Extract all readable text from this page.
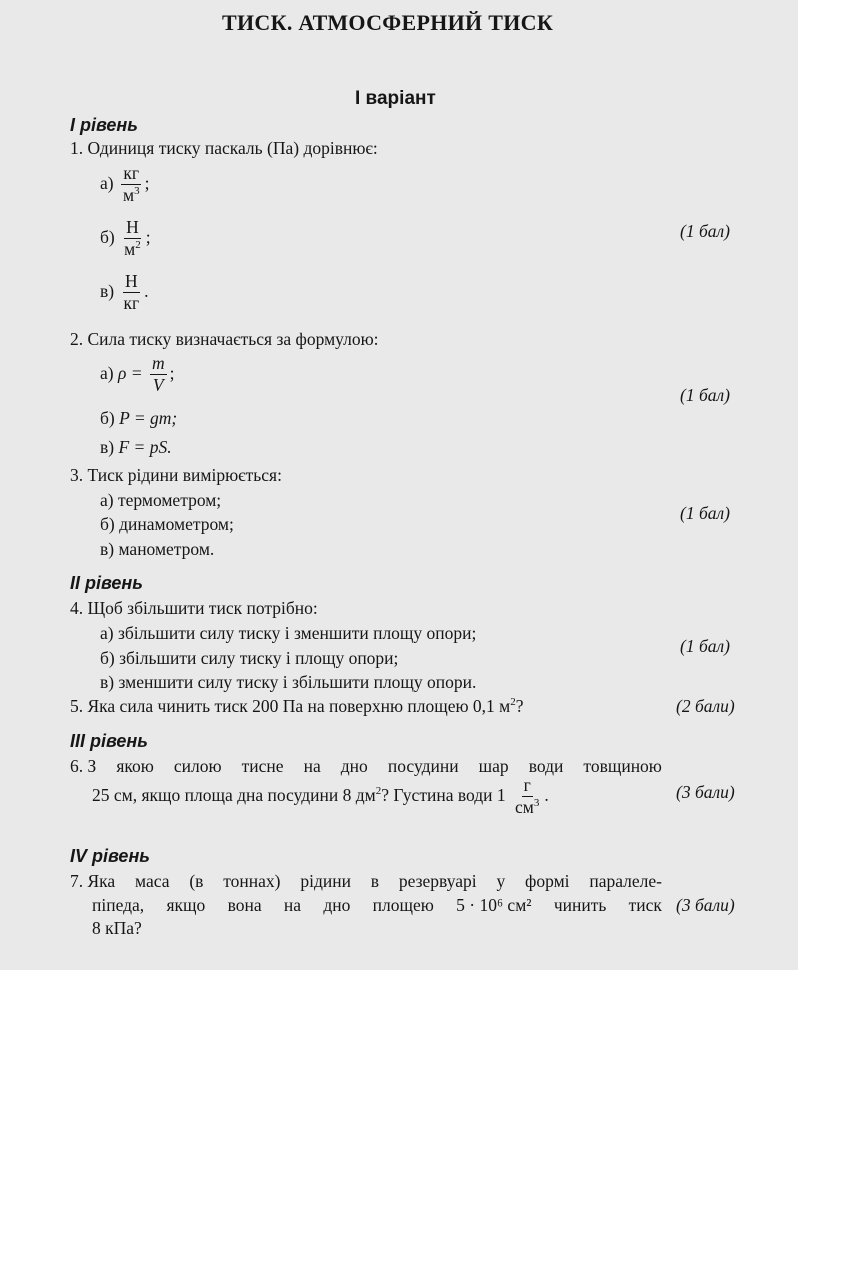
ТИСК. АТМОСФЕРНИЙ ТИСК
I варіант
I рівень
1. Одиниця тиску паскаль (Па) дорівнює:
$а) \frac{кг}{м^3}$ ;
$б) \frac{Н}{м^2}$ ;	(1 бал)
$в) \frac{Н}{кг}$ .
2. Сила тиску визначається за формулою:
а) $\rho = \frac{m}{V}$ ;
(1 бал)
б) P = gm;
в) F = pS.
3. Тиск рідини вимірюється:
а) термометром;
б) динамометром;
(1 бал)
в) манометром.
II рівень
4. Щоб збільшити тиск потрібно:
а) збільшити силу тиску і зменшити площу опори;
б) збільшити силу тиску і площу опори;
(1 бал)
в) зменшити силу тиску і збільшити площу опори.
5. Яка сила чинить тиск 200 Па на поверхню площею 0,1 $м^2$?	(2 бали)
III рівень
6. З якою силою тисне на дно посудини шар води товщиною
25 см, якщо площа дна посудини 8 $дм^2$? Густина води $1 \frac{г}{см^3}$ .	(3 бали)
IV рівень
7. Яка маса (в тоннах) рідини в резервуарі у формі паралеле-
піпеда, якщо вона на дно площею 5 · 10⁶ см² чинить тиск (3 бали)
8 кПа?
